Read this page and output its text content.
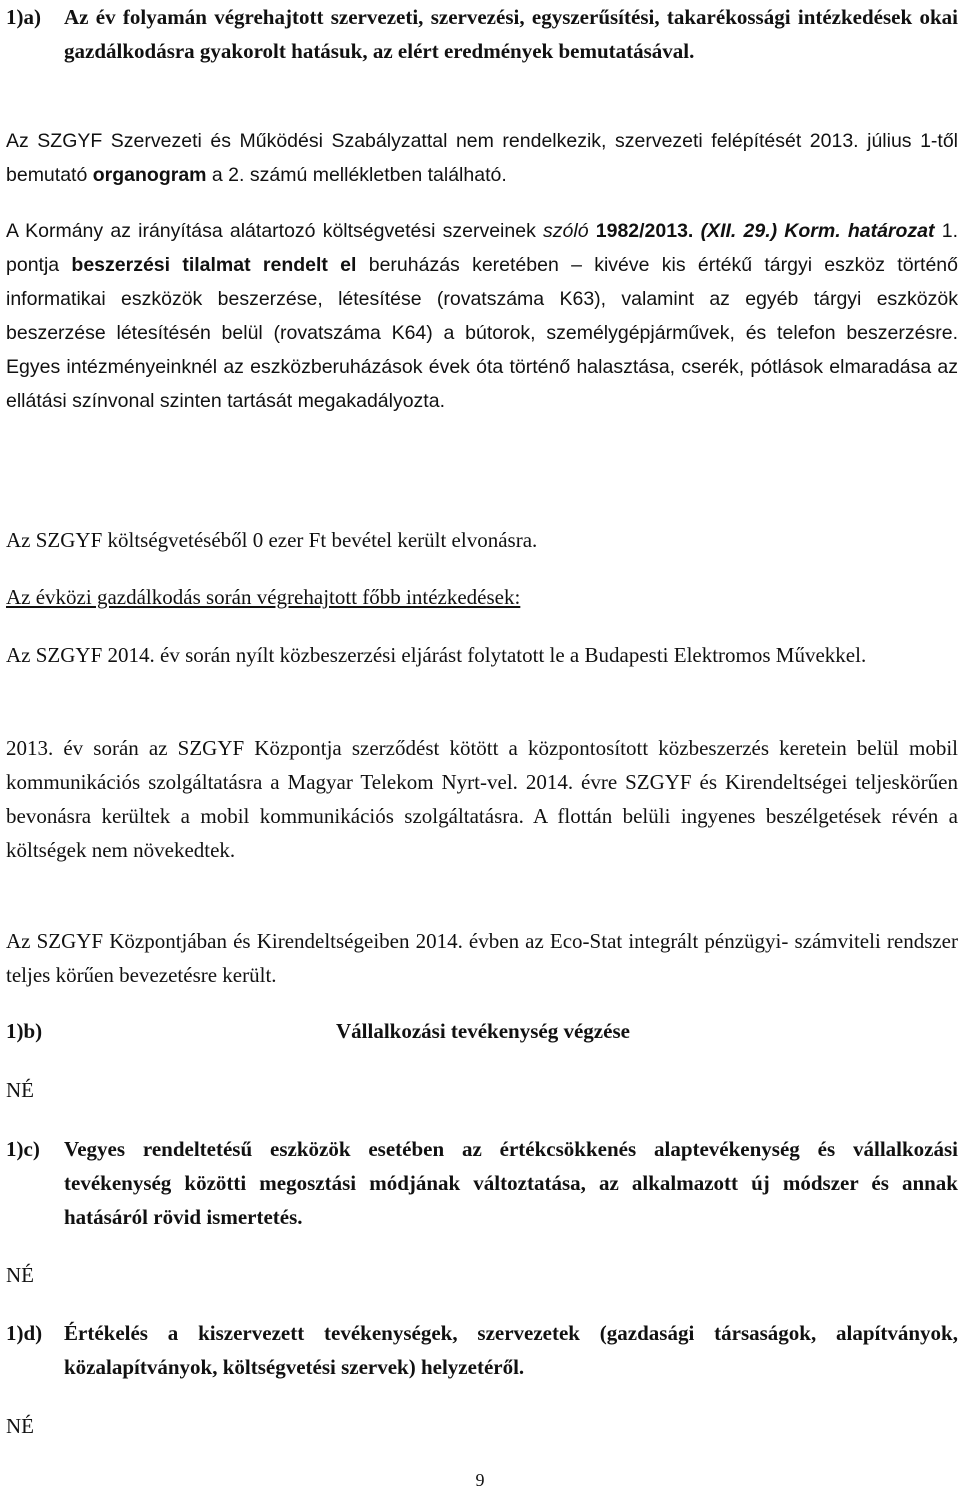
1)a)	Az év folyamán végrehajtott szervezeti, szervezési, egyszerűsítési, takarékossági intézkedések okai gazdálkodásra gyakorolt hatásuk, az elért eredmények bemutatásával.

Az SZGYF Szervezeti és Működési Szabályzattal nem rendelkezik, szervezeti felépítését 2013. július 1-től bemutató organogram a 2. számú mellékletben található.

A Kormány az irányítása alátartozó költségvetési szerveinek szóló 1982/2013. (XII. 29.) Korm. határozat 1. pontja beszerzési tilalmat rendelt el beruházás keretében – kivéve kis értékű tárgyi eszköz történő informatikai eszközök beszerzése, létesítése (rovatszáma K63), valamint az egyéb tárgyi eszközök beszerzése létesítésén belül (rovatszáma K64) a bútorok, személygépjárművek, és telefon beszerzésre. Egyes intézményeinknél az eszközberuházások évek óta történő halasztása, cserék, pótlások elmaradása az ellátási színvonal szinten tartását megakadályozta.

Az SZGYF költségvetéséből 0 ezer Ft bevétel került elvonásra.

Az évközi gazdálkodás során végrehajtott főbb intézkedések:

Az SZGYF 2014. év során nyílt közbeszerzési eljárást folytatott le a Budapesti Elektromos Művekkel.

2013. év során az SZGYF Központja szerződést kötött a központosított közbeszerzés keretein belül mobil kommunikációs szolgáltatásra a Magyar Telekom Nyrt-vel. 2014. évre SZGYF és Kirendeltségei teljeskörűen bevonásra kerültek a mobil kommunikációs szolgáltatásra. A flottán belüli ingyenes beszélgetések révén a költségek nem növekedtek.

Az SZGYF Központjában és Kirendeltségeiben 2014. évben az Eco-Stat integrált pénzügyi- számviteli rendszer teljes körűen bevezetésre került.

1)b)	Vállalkozási tevékenység végzése
NÉ
1)c)	Vegyes rendeltetésű eszközök esetében az értékcsökkenés alaptevékenység és vállalkozási tevékenység közötti megosztási módjának változtatása, az alkalmazott új módszer és annak hatásáról rövid ismertetés.
NÉ
1)d)	Értékelés a kiszervezett tevékenységek, szervezetek (gazdasági társaságok, alapítványok, közalapítványok, költségvetési szervek) helyzetéről.
NÉ
9
